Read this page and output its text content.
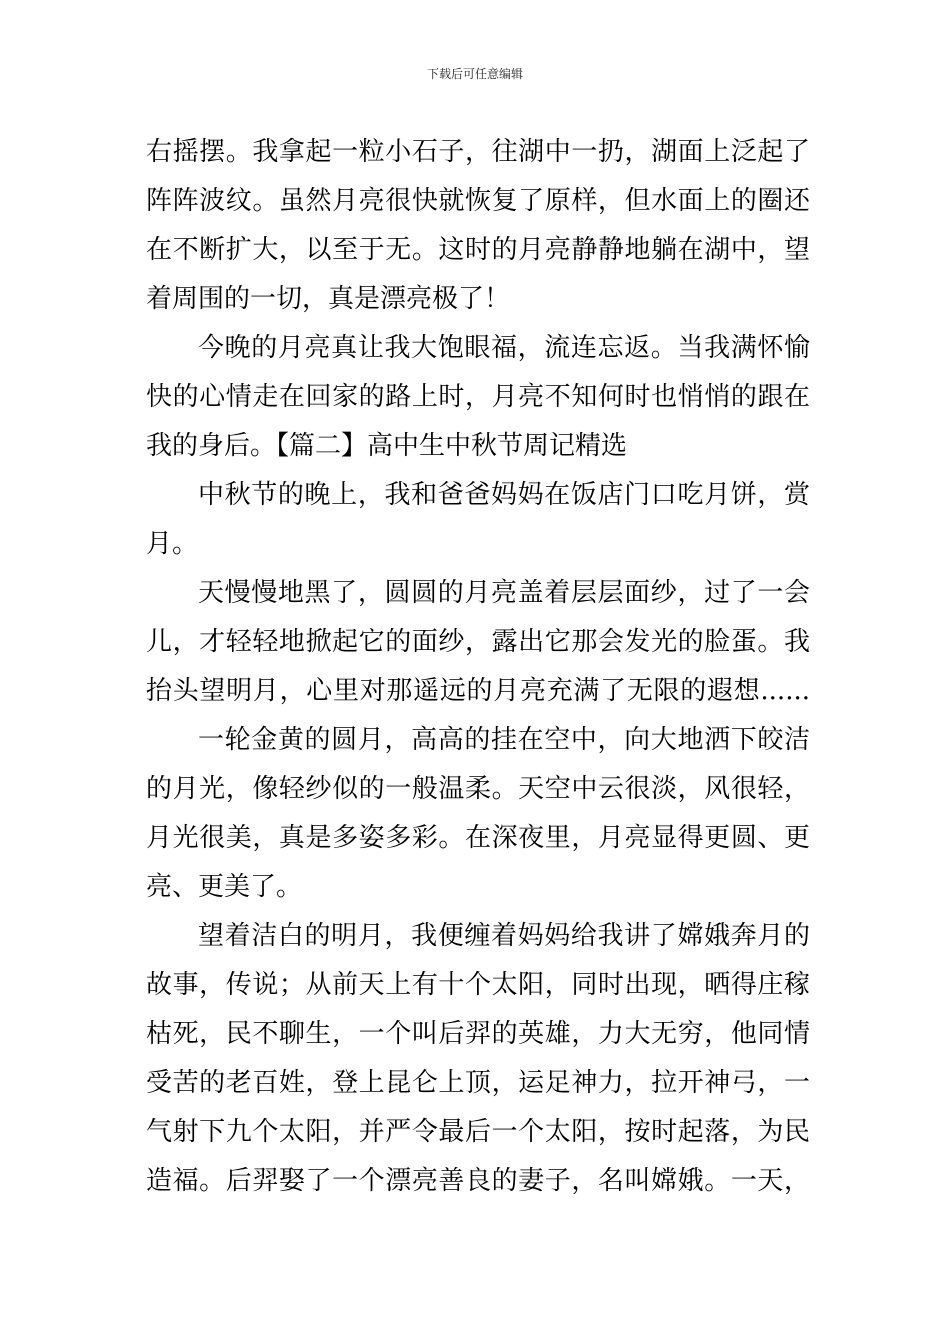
下载后可任意编辑
右摇摆。我拿起一粒小石子，往湖中一扔，湖面上泛起了
阵阵波纹。虽然月亮很快就恢复了原样，但水面上的圈还
在不断扩大，以至于无。这时的月亮静静地躺在湖中，望
着周围的一切，真是漂亮极了！
今晚的月亮真让我大饱眼福，流连忘返。当我满怀愉
快的心情走在回家的路上时，月亮不知何时也悄悄的跟在
我的身后。【篇二】高中生中秋节周记精选
中秋节的晚上，我和爸爸妈妈在饭店门口吃月饼，赏
月。
天慢慢地黑了，圆圆的月亮盖着层层面纱，过了一会
儿，才轻轻地掀起它的面纱，露出它那会发光的脸蛋。我
抬头望明月，心里对那遥远的月亮充满了无限的遐想......
一轮金黄的圆月，高高的挂在空中，向大地洒下皎洁
的月光，像轻纱似的一般温柔。天空中云很淡，风很轻，
月光很美，真是多姿多彩。在深夜里，月亮显得更圆、更
亮、更美了。
望着洁白的明月，我便缠着妈妈给我讲了嫦娥奔月的
故事，传说；从前天上有十个太阳，同时出现，晒得庄稼
枯死，民不聊生，一个叫后羿的英雄，力大无穷，他同情
受苦的老百姓，登上昆仑上顶，运足神力，拉开神弓，一
气射下九个太阳，并严令最后一个太阳，按时起落，为民
造福。后羿娶了一个漂亮善良的妻子，名叫嫦娥。一天，
